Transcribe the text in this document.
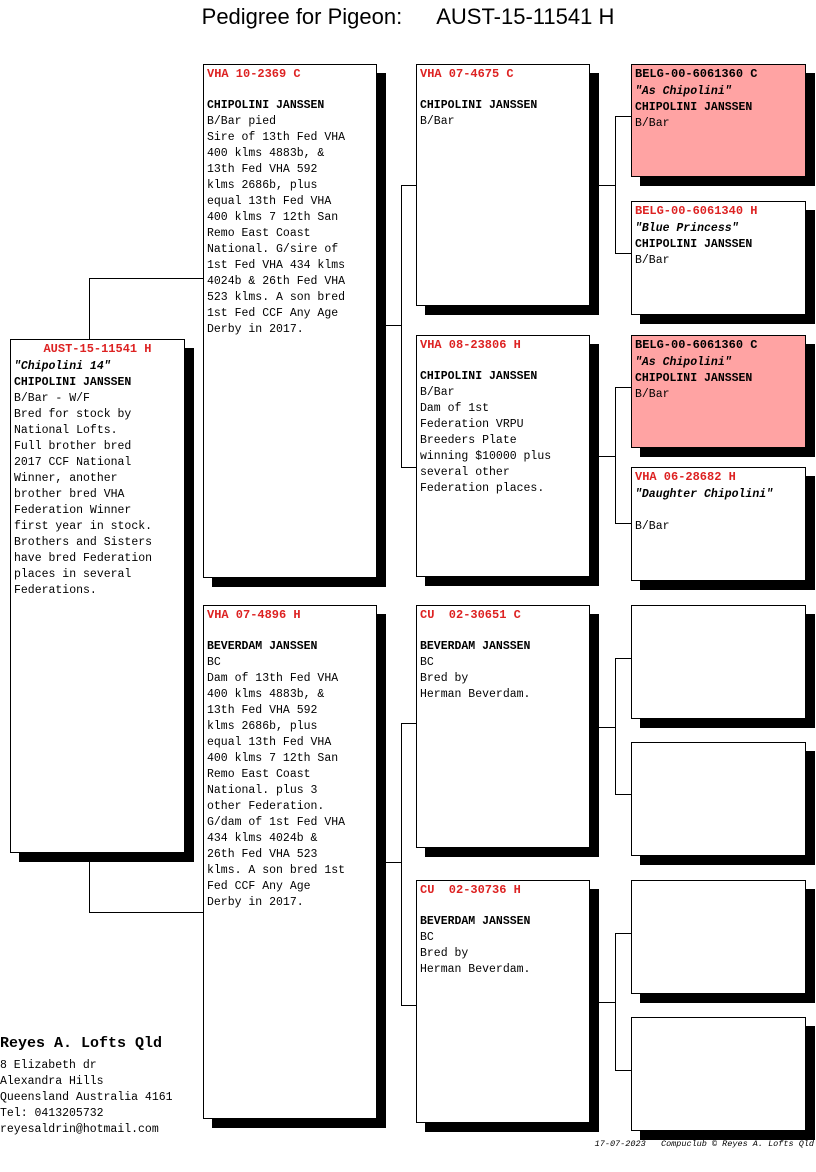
Pedigree for Pigeon: AUST-15-11541 H
AUST-15-11541 H
"Chipolini 14"
CHIPOLINI JANSSEN
B/Bar - W/F
Bred for stock by
National Lofts.
Full brother bred
2017 CCF National
Winner, another
brother bred VHA
Federation Winner
first year in stock.
Brothers and Sisters
have bred Federation
places in several
Federations.
VHA 10-2369 C
CHIPOLINI JANSSEN
B/Bar pied
Sire of 13th Fed VHA
400 klms 4883b, &
13th Fed VHA 592
klms 2686b, plus
equal 13th Fed VHA
400 klms 7 12th San
Remo East Coast
National. G/sire of
1st Fed VHA 434 klms
4024b & 26th Fed VHA
523 klms. A son bred
1st Fed CCF Any Age
Derby in 2017.
VHA 07-4896 H
BEVERDAM JANSSEN
BC
Dam of 13th Fed VHA
400 klms 4883b, &
13th Fed VHA 592
klms 2686b, plus
equal 13th Fed VHA
400 klms 7 12th San
Remo East Coast
National. plus 3
other Federation.
G/dam of 1st Fed VHA
434 klms 4024b &
26th Fed VHA 523
klms. A son bred 1st
Fed CCF Any Age
Derby in 2017.
VHA 07-4675 C
CHIPOLINI JANSSEN
B/Bar
VHA 08-23806 H
CHIPOLINI JANSSEN
B/Bar
Dam of 1st
Federation VRPU
Breeders Plate
winning $10000 plus
several other
Federation places.
CU  02-30651 C
BEVERDAM JANSSEN
BC
Bred by
Herman Beverdam.
CU  02-30736 H
BEVERDAM JANSSEN
BC
Bred by
Herman Beverdam.
BELG-00-6061360 C
"As Chipolini"
CHIPOLINI JANSSEN
B/Bar
BELG-00-6061340 H
"Blue Princess"
CHIPOLINI JANSSEN
B/Bar
BELG-00-6061360 C
"As Chipolini"
CHIPOLINI JANSSEN
B/Bar
VHA 06-28682 H
"Daughter Chipolini"
B/Bar
Reyes A. Lofts Qld
8 Elizabeth dr
Alexandra Hills
Queensland Australia 4161
Tel: 0413205732
reyesaldrin@hotmail.com
17-07-2023   Compuclub © Reyes A. Lofts Qld
